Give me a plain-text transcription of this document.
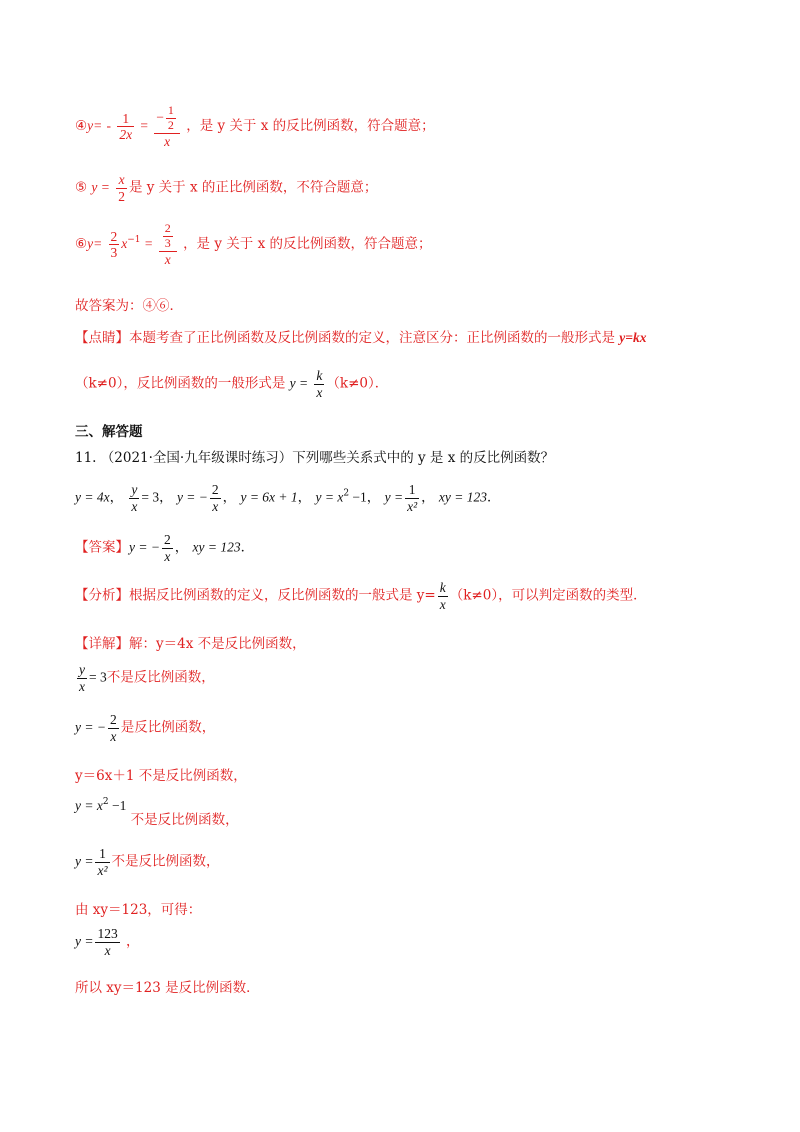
④y= - $\frac{1}{2x} = \frac{- \frac{1}{2}}{x}$ ，是 y 关于 x 的反比例函数，符合题意；
⑤ $y = \frac{x}{2}$ 是 y 关于 x 的正比例函数，不符合题意；
⑥y= $\frac{2}{3} x^{-1} = \frac{\frac{2}{3}}{x}$ ，是 y 关于 x 的反比例函数，符合题意；
故答案为：④⑥．
【点睛】本题考查了正比例函数及反比例函数的定义，注意区分：正比例函数的一般形式是 y=kx
（k≠0），反比例函数的一般形式是 $y = \frac{k}{x} (k\ne 0)$．
三、解答题
11. （2021·全国·九年级课时练习）下列哪些关系式中的 y 是 x 的反比例函数？
y = 4x， $\frac{y}{x} = 3$， y = − $\frac{2}{x}$ ， y = 6x + 1， $y = x^2 -1$， $y = \frac{1}{\text{x²}}$ ， xy = 123．
【答案】y = − $\frac{2}{x}$ ， xy = 123．
【分析】根据反比例函数的定义，反比例函数的一般式是 $y= \frac{k}{x} (k\ne 0)$，可以判定函数的类型．
【详解】解：y＝4x 不是反比例函数，
$\frac{y}{x} = 3$不是反比例函数，
y = − $\frac{2}{x}$ 是反比例函数，
y＝6x＋1 不是反比例函数，
$y = x^2 -1$ 不是反比例函数，
$y = \frac{1}{\text{x²}}$ 不是反比例函数，
由 xy＝123，可得：
$y = \frac{123}{x}$ ，
所以 xy＝123 是反比例函数．
